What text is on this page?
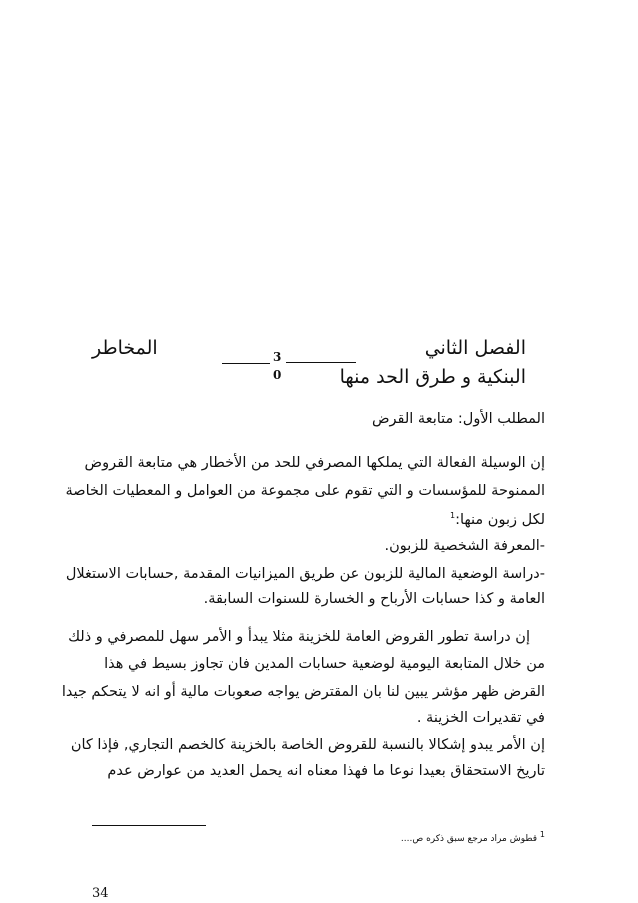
الفصل الثاني
المخاطر	3
0	البنكية و طرق الحد منها
المطلب الأول: متابعة القرض
إن الوسيلة الفعالة التي يملكها المصرفي للحد من الأخطار هي متابعة القروض
الممنوحة للمؤسسات و التي تقوم على مجموعة من العوامل و المعطيات الخاصة
لكل زبون منها:$^1$
-المعرفة الشخصية للزبون.
-دراسة الوضعية المالية للزبون عن طريق الميزانيات المقدمة ,حسابات الاستغلال
العامة و كذا حسابات الأرباح و الخسارة للسنوات السابقة.
إن دراسة تطور القروض العامة للخزينة مثلا يبدأ و الأمر سهل للمصرفي و ذلك
من خلال المتابعة اليومية لوضعية حسابات المدين فان تجاوز بسيط في هذا
القرض ظهر مؤشر يبين لنا بان المقترض يواجه صعوبات مالية أو انه لا يتحكم جيدا
في تقديرات الخزينة .
إن الأمر يبدو إشكالا بالنسبة للقروض الخاصة بالخزينة كالخصم التجاري, فإذا كان
تاريخ الاستحقاق بعيدا نوعا ما فهذا معناه انه يحمل العديد من عوارض عدم
1 قطوش مراد مرجع سبق ذكره ص....
34
